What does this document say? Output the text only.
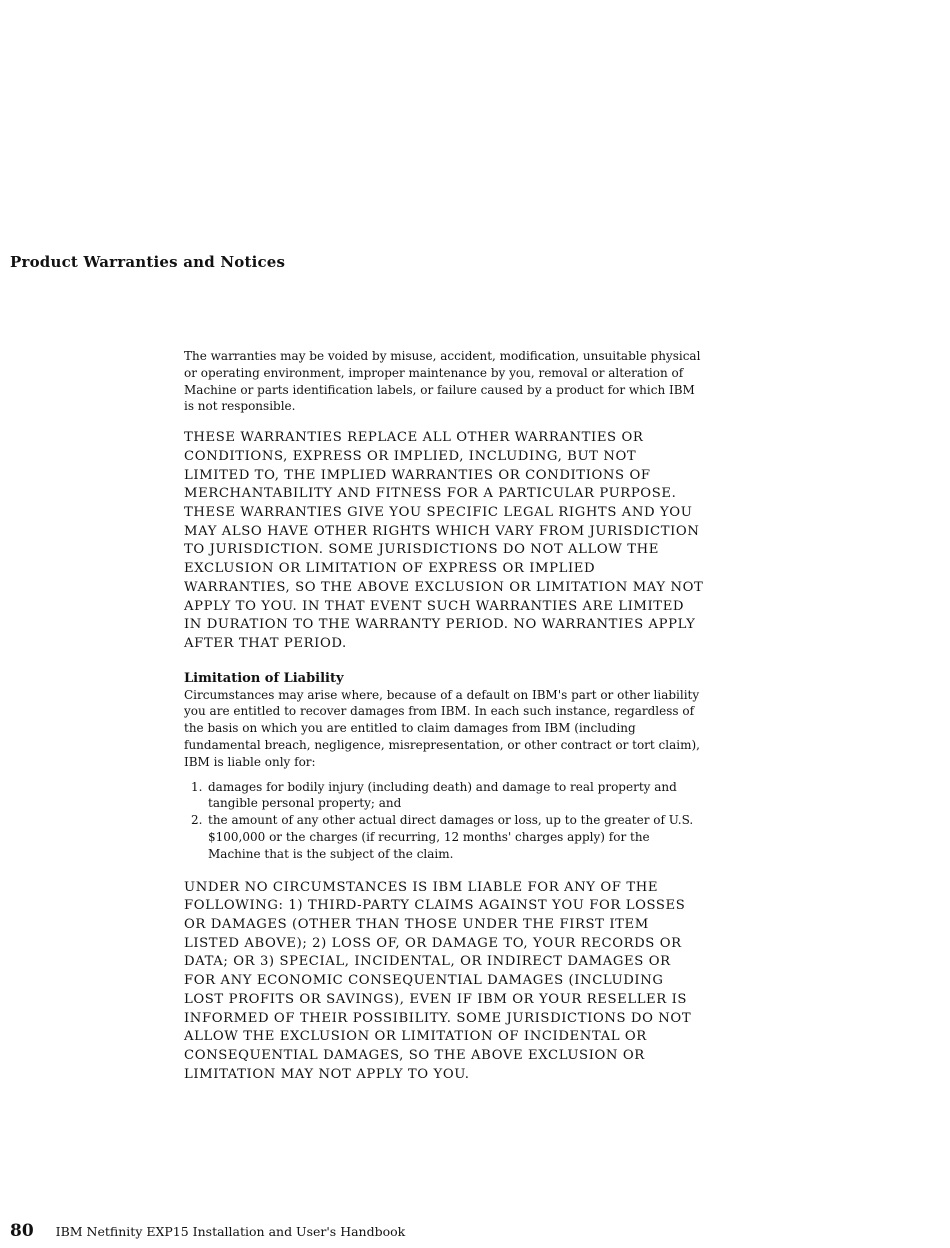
Product Warranties and Notices

The warranties may be voided by misuse, accident, modification, unsuitable physical or operating environment, improper maintenance by you, removal or alteration of Machine or parts identification labels, or failure caused by a product for which IBM is not responsible.

THESE WARRANTIES REPLACE ALL OTHER WARRANTIES OR CONDITIONS, EXPRESS OR IMPLIED, INCLUDING, BUT NOT LIMITED TO, THE IMPLIED WARRANTIES OR CONDITIONS OF MERCHANTABILITY AND FITNESS FOR A PARTICULAR PURPOSE. THESE WARRANTIES GIVE YOU SPECIFIC LEGAL RIGHTS AND YOU MAY ALSO HAVE OTHER RIGHTS WHICH VARY FROM JURISDICTION TO JURISDICTION. SOME JURISDICTIONS DO NOT ALLOW THE EXCLUSION OR LIMITATION OF EXPRESS OR IMPLIED WARRANTIES, SO THE ABOVE EXCLUSION OR LIMITATION MAY NOT APPLY TO YOU. IN THAT EVENT SUCH WARRANTIES ARE LIMITED IN DURATION TO THE WARRANTY PERIOD. NO WARRANTIES APPLY AFTER THAT PERIOD.

Limitation of Liability

Circumstances may arise where, because of a default on IBM's part or other liability you are entitled to recover damages from IBM. In each such instance, regardless of the basis on which you are entitled to claim damages from IBM (including fundamental breach, negligence, misrepresentation, or other contract or tort claim), IBM is liable only for:

1. damages for bodily injury (including death) and damage to real property and tangible personal property; and
2. the amount of any other actual direct damages or loss, up to the greater of U.S. $100,000 or the charges (if recurring, 12 months' charges apply) for the Machine that is the subject of the claim.

UNDER NO CIRCUMSTANCES IS IBM LIABLE FOR ANY OF THE FOLLOWING: 1) THIRD-PARTY CLAIMS AGAINST YOU FOR LOSSES OR DAMAGES (OTHER THAN THOSE UNDER THE FIRST ITEM LISTED ABOVE); 2) LOSS OF, OR DAMAGE TO, YOUR RECORDS OR DATA; OR 3) SPECIAL, INCIDENTAL, OR INDIRECT DAMAGES OR FOR ANY ECONOMIC CONSEQUENTIAL DAMAGES (INCLUDING LOST PROFITS OR SAVINGS), EVEN IF IBM OR YOUR RESELLER IS INFORMED OF THEIR POSSIBILITY. SOME JURISDICTIONS DO NOT ALLOW THE EXCLUSION OR LIMITATION OF INCIDENTAL OR CONSEQUENTIAL DAMAGES, SO THE ABOVE EXCLUSION OR LIMITATION MAY NOT APPLY TO YOU.

80 IBM Netfinity EXP15 Installation and User's Handbook
